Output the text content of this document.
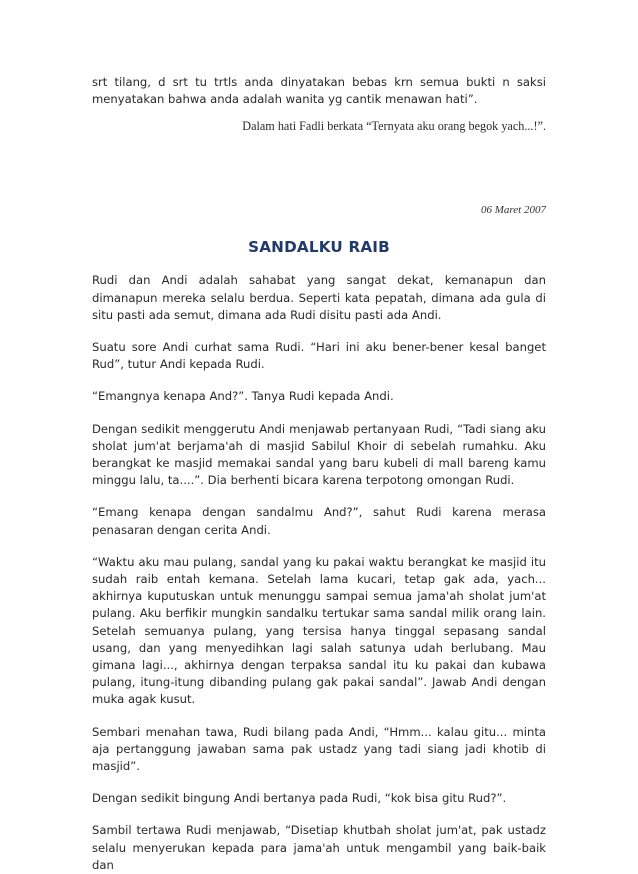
srt tilang, d srt tu trtls anda dinyatakan bebas krn semua bukti n saksi menyatakan bahwa anda adalah wanita yg cantik menawan hati”.

Dalam hati Fadli berkata “Ternyata aku orang begok yach...!”.

06 Maret 2007

SANDALKU RAIB

Rudi dan Andi adalah sahabat yang sangat dekat, kemanapun dan dimanapun mereka selalu berdua. Seperti kata pepatah, dimana ada gula di situ pasti ada semut, dimana ada Rudi disitu pasti ada Andi.

Suatu sore Andi curhat sama Rudi. “Hari ini aku bener-bener kesal banget Rud”, tutur Andi kepada Rudi.

“Emangnya kenapa And?”. Tanya Rudi kepada Andi.

Dengan sedikit menggerutu Andi menjawab pertanyaan Rudi, “Tadi siang aku sholat jum'at berjama'ah di masjid Sabilul Khoir di sebelah rumahku. Aku berangkat ke masjid memakai sandal yang baru kubeli di mall bareng kamu minggu lalu, ta....”. Dia berhenti bicara karena terpotong omongan Rudi.

“Emang kenapa dengan sandalmu And?”, sahut Rudi karena merasa penasaran dengan cerita Andi.

“Waktu aku mau pulang, sandal yang ku pakai waktu berangkat ke masjid itu sudah raib entah kemana. Setelah lama kucari, tetap gak ada, yach... akhirnya kuputuskan untuk menunggu sampai semua jama'ah sholat jum'at pulang. Aku berfikir mungkin sandalku tertukar sama sandal milik orang lain. Setelah semuanya pulang, yang tersisa hanya tinggal sepasang sandal usang, dan yang menyedihkan lagi salah satunya udah berlubang. Mau gimana lagi..., akhirnya dengan terpaksa sandal itu ku pakai dan kubawa pulang, itung-itung dibanding pulang gak pakai sandal”. Jawab Andi dengan muka agak kusut.

Sembari menahan tawa, Rudi bilang pada Andi, “Hmm... kalau gitu... minta aja pertanggung jawaban sama pak ustadz yang tadi siang jadi khotib di masjid”.

Dengan sedikit bingung Andi bertanya pada Rudi, “kok bisa gitu Rud?”.

Sambil tertawa Rudi menjawab, “Disetiap khutbah sholat jum'at, pak ustadz selalu menyerukan kepada para jama'ah untuk mengambil yang baik-baik dan
